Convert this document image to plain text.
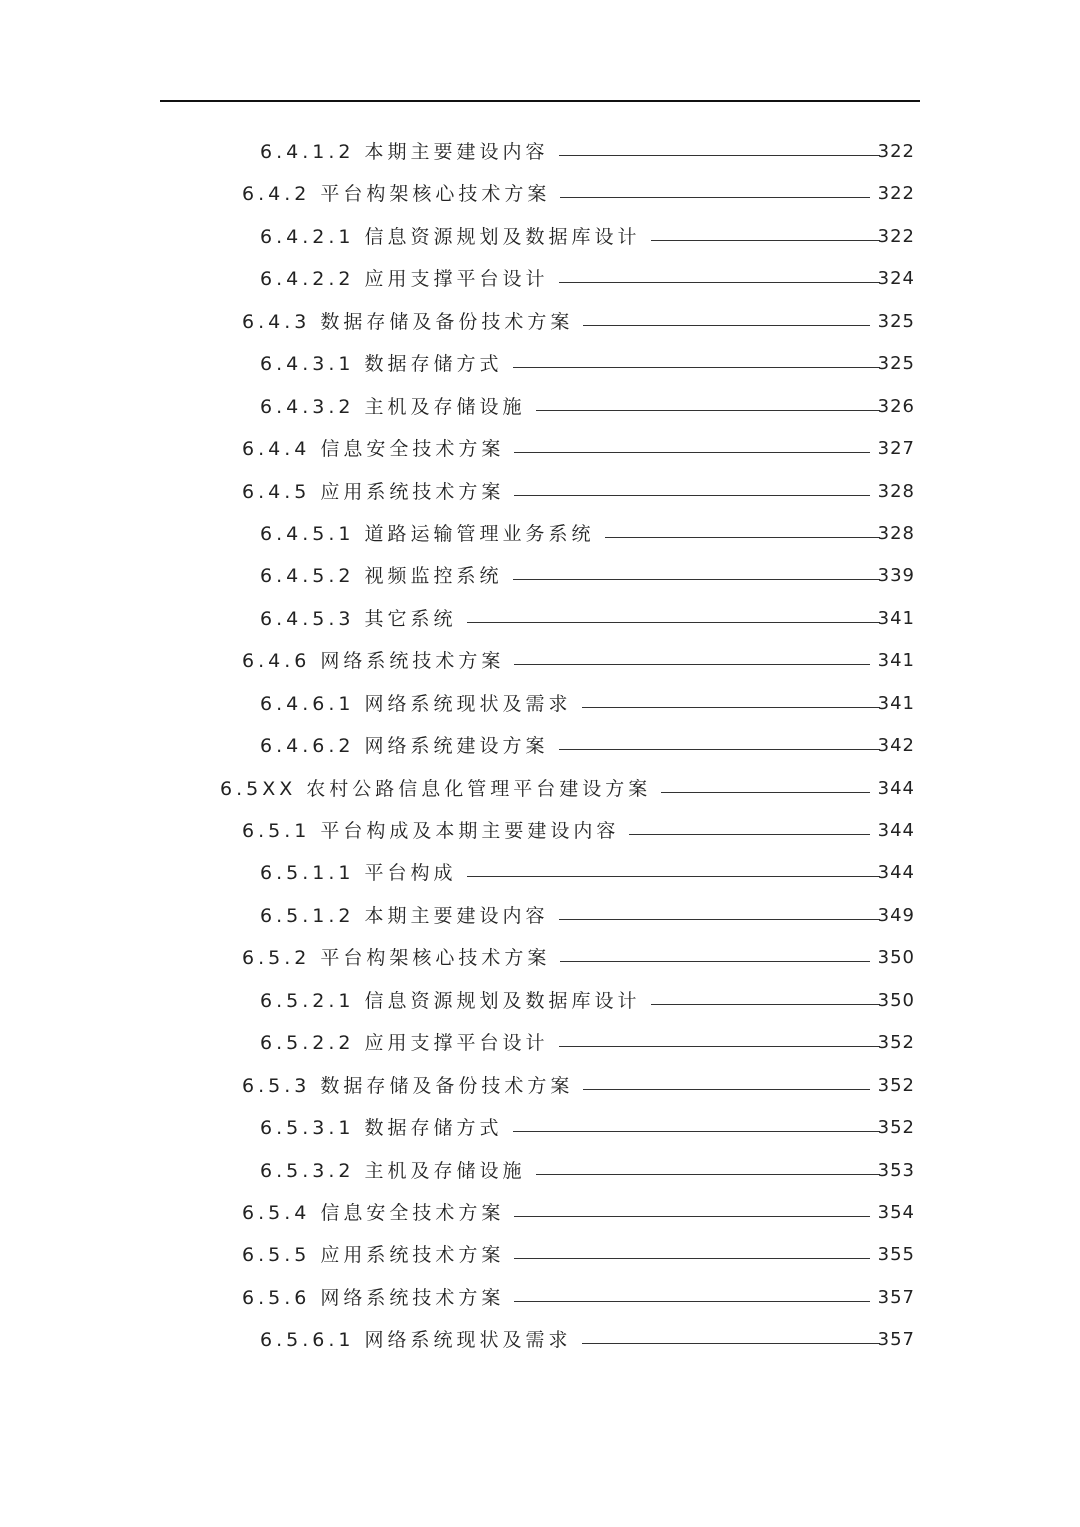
6.4.1.2 本期主要建设内容	322
6.4.2 平台构架核心技术方案	322
6.4.2.1 信息资源规划及数据库设计	322
6.4.2.2 应用支撑平台设计	324
6.4.3 数据存储及备份技术方案	325
6.4.3.1 数据存储方式	325
6.4.3.2 主机及存储设施	326
6.4.4 信息安全技术方案	327
6.4.5 应用系统技术方案	328
6.4.5.1 道路运输管理业务系统	328
6.4.5.2 视频监控系统	339
6.4.5.3 其它系统	341
6.4.6 网络系统技术方案	341
6.4.6.1 网络系统现状及需求	341
6.4.6.2 网络系统建设方案	342
6.5XX 农村公路信息化管理平台建设方案	344
6.5.1 平台构成及本期主要建设内容	344
6.5.1.1 平台构成	344
6.5.1.2 本期主要建设内容	349
6.5.2 平台构架核心技术方案	350
6.5.2.1 信息资源规划及数据库设计	350
6.5.2.2 应用支撑平台设计	352
6.5.3 数据存储及备份技术方案	352
6.5.3.1 数据存储方式	352
6.5.3.2 主机及存储设施	353
6.5.4 信息安全技术方案	354
6.5.5 应用系统技术方案	355
6.5.6 网络系统技术方案	357
6.5.6.1 网络系统现状及需求	357
